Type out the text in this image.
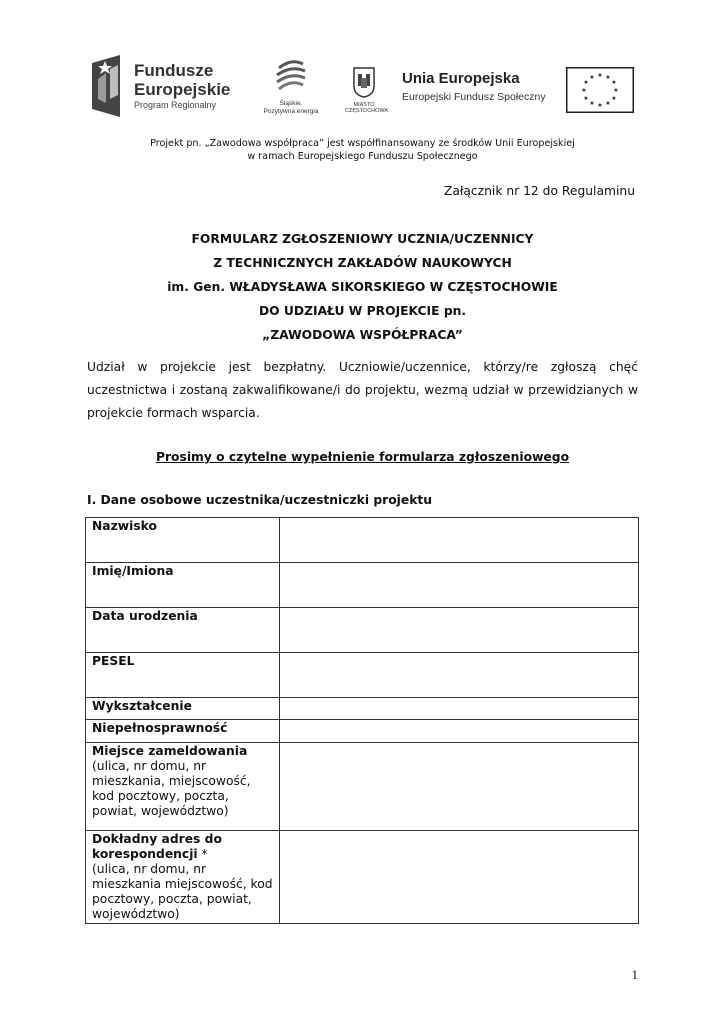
Fundusze
Europejskie
Program Regionalny	Śląskie.
Pozytywna energia
MIASTO
CZĘSTOCHOWA
Unia Europejska
Europejski Fundusz Społeczny
★ ★
★
★
★
★
★
★
★
★
★
★
Projekt pn. „Zawodowa współpraca” jest współfinansowany ze środków Unii Europejskiej
w ramach Europejskiego Funduszu Społecznego
Załącznik nr 12 do Regulaminu
FORMULARZ ZGŁOSZENIOWY UCZNIA/UCZENNICY
Z TECHNICZNYCH ZAKŁADÓW NAUKOWYCH
im. Gen. WŁADYSŁAWA SIKORSKIEGO W CZĘSTOCHOWIE
DO UDZIAŁU W PROJEKCIE pn.
„ZAWODOWA WSPÓŁPRACA”
Udział w projekcie jest bezpłatny. Uczniowie/uczennice, którzy/re zgłoszą chęć uczestnictwa i zostaną zakwalifikowane/i do projektu, wezmą udział w przewidzianych w projekcie formach wsparcia.
Prosimy o czytelne wypełnienie formularza zgłoszeniowego
I. Dane osobowe uczestnika/uczestniczki projektu
Nazwisko	
Imię/Imiona	
Data urodzenia	
PESEL	
Wykształcenie	
Niepełnosprawność	
Miejsce zameldowania
(ulica, nr domu, nr mieszkania, miejscowość, kod pocztowy, poczta, powiat, województwo)	
Dokładny adres do korespondencji *
(ulica, nr domu, nr mieszkania miejscowość, kod pocztowy, poczta, powiat, województwo)	
1
